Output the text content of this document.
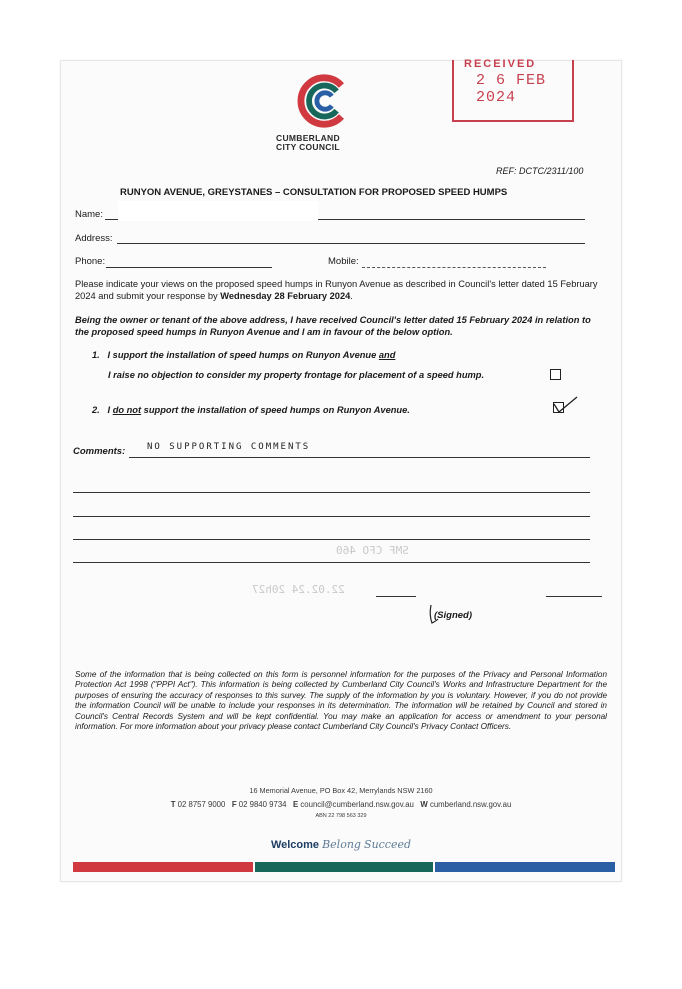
RECEIVED
2 6 FEB 2024
CUMBERLAND
CITY COUNCIL
REF: DCTC/2311/100
RUNYON AVENUE, GREYSTANES – CONSULTATION FOR PROPOSED SPEED HUMPS
Name:
Address:
Phone:	Mobile:
Please indicate your views on the proposed speed humps in Runyon Avenue as described in Council's letter dated 15 February 2024 and submit your response by Wednesday 28 February 2024.
Being the owner or tenant of the above address, I have received Council's letter dated 15 February 2024 in relation to the proposed speed humps in Runyon Avenue and I am in favour of the below option.
1. I support the installation of speed humps on Runyon Avenue and
I raise no objection to consider my property frontage for placement of a speed hump.
2. I do not support the installation of speed humps on Runyon Avenue.
Comments: NO SUPPORTING COMMENTS
SMF CFO 460
22.02.24 20h27
(Signed)
Some of the information that is being collected on this form is personnel information for the purposes of the Privacy and Personal Information Protection Act 1998 ("PPPI Act"). This information is being collected by Cumberland City Council's Works and Infrastructure Department for the purposes of ensuring the accuracy of responses to this survey. The supply of the information by you is voluntary. However, if you do not provide the information Council will be unable to include your responses in its determination. The information will be retained by Council and stored in Council's Central Records System and will be kept confidential. You may make an application for access or amendment to your personal information. For more information about your privacy please contact Cumberland City Council's Privacy Contact Officers.
16 Memorial Avenue, PO Box 42, Merrylands NSW 2160
T 02 8757 9000 F 02 9840 9734 E council@cumberland.nsw.gov.au W cumberland.nsw.gov.au
ABN 22 798 563 329
Welcome Belong Succeed
